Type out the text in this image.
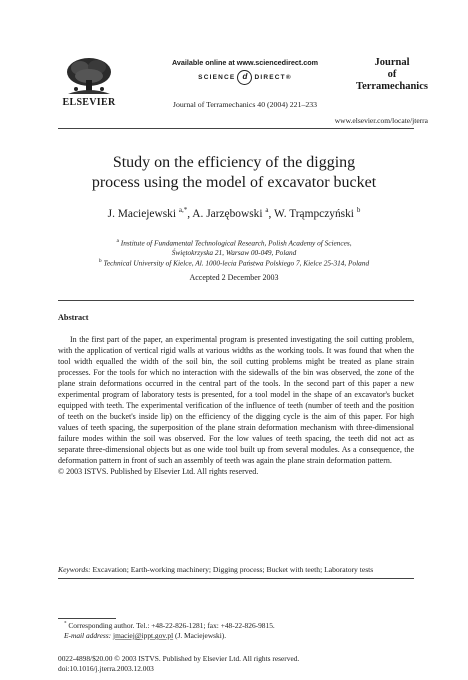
Available online at www.sciencedirect.com
SCIENCE d DIRECT®
Journal of Terramechanics 40 (2004) 221–233
ELSEVIER
Journal
of
Terramechanics
www.elsevier.com/locate/jterra
Study on the efficiency of the digging
process using the model of excavator bucket
J. Maciejewski $^{a,*}$, A. Jarzębowski $^a$, W. Trąmpczyński $^b$
$^a$ Institute of Fundamental Technological Research, Polish Academy of Sciences,
Świętokrzyska 21, Warsaw 00-049, Poland
$^b$ Technical University of Kielce, Al. 1000-lecia Państwa Polskiego 7, Kielce 25-314, Poland
Accepted 2 December 2003
Abstract
In the first part of the paper, an experimental program is presented investigating the soil cutting problem, with the application of vertical rigid walls at various widths as the working tools. It was found that when the tool width equalled the width of the soil bin, the soil cutting problems might be treated as plane strain processes. For the tools for which no interaction with the sidewalls of the bin was observed, the zone of the plane strain deformations occurred in the central part of the tools. In the second part of this paper a new experimental program of laboratory tests is presented, for a tool model in the shape of an excavator's bucket equipped with teeth. The experimental verification of the influence of teeth (number of teeth and the position of teeth on the bucket's inside lip) on the efficiency of the digging cycle is the aim of this paper. For high values of teeth spacing, the superposition of the plane strain deformation mechanism with three-dimensional failure modes within the soil was observed. For the low values of teeth spacing, the teeth did not act as separate three-dimensional objects but as one wide tool built up from several modules. As a consequence, the deformation pattern in front of such an assembly of teeth was again the plane strain deformation pattern.
© 2003 ISTVS. Published by Elsevier Ltd. All rights reserved.
Keywords: Excavation; Earth-working machinery; Digging process; Bucket with teeth; Laboratory tests
* Corresponding author. Tel.: +48-22-826-1281; fax: +48-22-826-9815.
E-mail address: jmaciej@ippt.gov.pl (J. Maciejewski).
0022-4898/$20.00 © 2003 ISTVS. Published by Elsevier Ltd. All rights reserved.
doi:10.1016/j.jterra.2003.12.003
